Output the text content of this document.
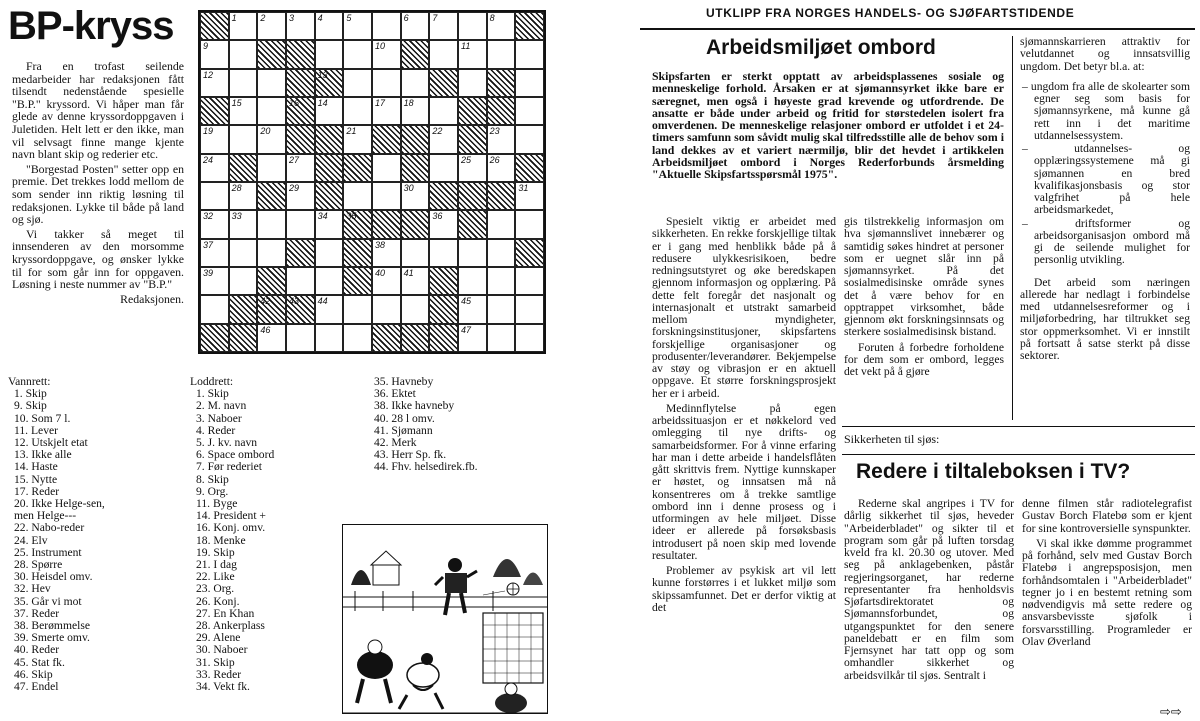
BP-kryss

Fra en trofast seilende medarbeider har redaksjonen fått tilsendt nedenstående spesielle "B.P." kryssord. Vi håper man får glede av denne kryssordoppgaven i Juletiden. Helt lett er den ikke, man vil selvsagt finne mange kjente navn blant skip og rederier etc.

"Borgestad Posten" setter opp en premie. Det trekkes lodd mellom de som sender inn riktig løsning til redaksjonen. Lykke til både på land og sjø.

Vi takker så meget til innsenderen av den morsomme kryssordoppgave, og ønsker lykke til for som går inn for oppgaven. Løsning i neste nummer av "B.P."

Redaksjonen.

1	2	3	4	5	6	7	8
9	10	11
12	13
14
15	16	17 18
19	20	21	22	23
24	25 26
27
28	29	30	31
32 33	34 35	36
37	38
39	40 41
42 43 44	45
46	47
Vannrett:
1. Skip
9. Skip
10. Som 7 l.
11. Lever
12. Utskjelt etat
13. Ikke alle
14. Haste
15. Nytte
17. Reder
20. Ikke Helge-sen,
men Helge---
22. Nabo-reder
24. Elv
25. Instrument
28. Spørre
30. Heisdel omv.
32. Hev
35. Går vi mot
37. Reder
38. Berømmelse
39. Smerte omv.
40. Reder
45. Stat fk.
46. Skip
47. Endel
Loddrett:
1. Skip
2. M. navn
3. Naboer
4. Reder
5. J. kv. navn
6. Space ombord
7. Før rederiet
8. Skip
9. Org.
11. Byge
14. President +
16. Konj. omv.
18. Menke
19. Skip
21. I dag
22. Like
23. Org.
26. Konj.
27. En Khan
28. Ankerplass
29. Alene
30. Naboer
31. Skip
33. Reder
34. Vekt fk.
35. Havneby
36. Ektet
38. Ikke havneby
40. 28 l omv.
41. Sjømann
42. Merk
43. Herr Sp. fk.
44. Fhv. helsedirek.fb.
UTKLIPP FRA NORGES HANDELS- OG SJØFARTSTIDENDE
Arbeidsmiljøet ombord
Skipsfarten er sterkt opptatt av arbeidsplassenes sosiale og menneskelige forhold. Årsaken er at sjømannsyrket ikke bare er særegnet, men også i høyeste grad krevende og utfordrende. De ansatte er både under arbeid og fritid for størstedelen isolert fra omverdenen. De menneskelige relasjoner ombord er utfoldet i et 24-timers samfunn som såvidt mulig skal tilfredsstille alle de behov som i land dekkes av et variert nærmiljø, blir det hevdet i artikkelen Arbeidsmiljøet ombord i Norges Rederforbunds årsmelding "Aktuelle Skipsfartsspørsmål 1975".

Spesielt viktig er arbeidet med sikkerheten. En rekke forskjellige tiltak er i gang med henblikk både på å redusere ulykkesrisikoen, bedre redningsutstyret og øke beredskapen gjennom informasjon og opplæring. På dette felt foregår det nasjonalt og internasjonalt et utstrakt samarbeid mellom myndigheter, forskningsinstitusjoner, skipsfartens forskjellige organisasjoner og produsenter/leverandører. Bekjempelse av støy og vibrasjon er en aktuell oppgave. Et større forskningsprosjekt her er i arbeid.

Medinnflytelse på egen arbeidssituasjon er et nøkkelord ved omlegging til nye drifts- og samarbeidsformer. For å vinne erfaring har man i dette arbeide i handelsflåten gått skrittvis frem. Nyttige kunnskaper er høstet, og innsatsen må nå konsentreres om å trekke samtlige ombord inn i denne prosess og i utformingen av hele miljøet. Disse ideer er allerede på forsøksbasis introdusert på noen skip med lovende resultater.

Problemer av psykisk art vil lett kunne forstørres i et lukket miljø som skipssamfunnet. Det er derfor viktig at det

gis tilstrekkelig informasjon om hva sjømannslivet innebærer og samtidig søkes hindret at personer som er uegnet slår inn på sjømannsyrket. På det sosialmedisinske område synes det å være behov for en opptrappet virksomhet, både gjennom økt forskningsinnsats og sterkere sosialmedisinsk bistand.

Foruten å forbedre forholdene for dem som er ombord, legges det vekt på å gjøre

sjømannskarrieren attraktiv for velutdannet og innsatsvillig ungdom. Det betyr bl.a. at:

– ungdom fra alle de skolearter som egner seg som basis for sjømannsyrkene, må kunne gå rett inn i det maritime utdannelsessystem.
– utdannelses- og opplæringssystemene må gi sjømannen en bred kvalifikasjonsbasis og stor valgfrihet på hele arbeidsmarkedet,
– driftsformer og arbeidsorganisasjon ombord må gi de seilende mulighet for personlig utvikling.

Det arbeid som næringen allerede har nedlagt i forbindelse med utdannelsesreformer og i miljøforbedring, har tiltrukket seg stor oppmerksomhet. Vi er innstilt på fortsatt å satse sterkt på disse sektorer.

Sikkerheten til sjøs:
Redere i tiltaleboksen i TV?

Rederne skal angripes i TV for dårlig sikkerhet til sjøs, heveder "Arbeiderbladet" og sikter til et program som går på luften torsdag kveld fra kl. 20.30 og utover. Med seg på anklagebenken, påstår regjeringsorganet, har rederne representanter fra henholdsvis Sjøfartsdirektoratet og Sjømannsforbundet, og utgangspunktet for den senere paneldebatt er en film som Fjernsynet har tatt opp og som omhandler sikkerhet og arbeidsvilkår til sjøs. Sentralt i

denne filmen står radiotelegrafist Gustav Borch Flatebø som er kjent for sine kontroversielle synspunkter.

Vi skal ikke dømme programmet på forhånd, selv med Gustav Borch Flatebø i angrepsposisjon, men forhåndsomtalen i "Arbeiderbladet" tegner jo i en bestemt retning som nødvendigvis må sette redere og ansvarsbevisste sjøfolk i forsvarsstilling. Programleder er Olav Øverland

⇨⇨
